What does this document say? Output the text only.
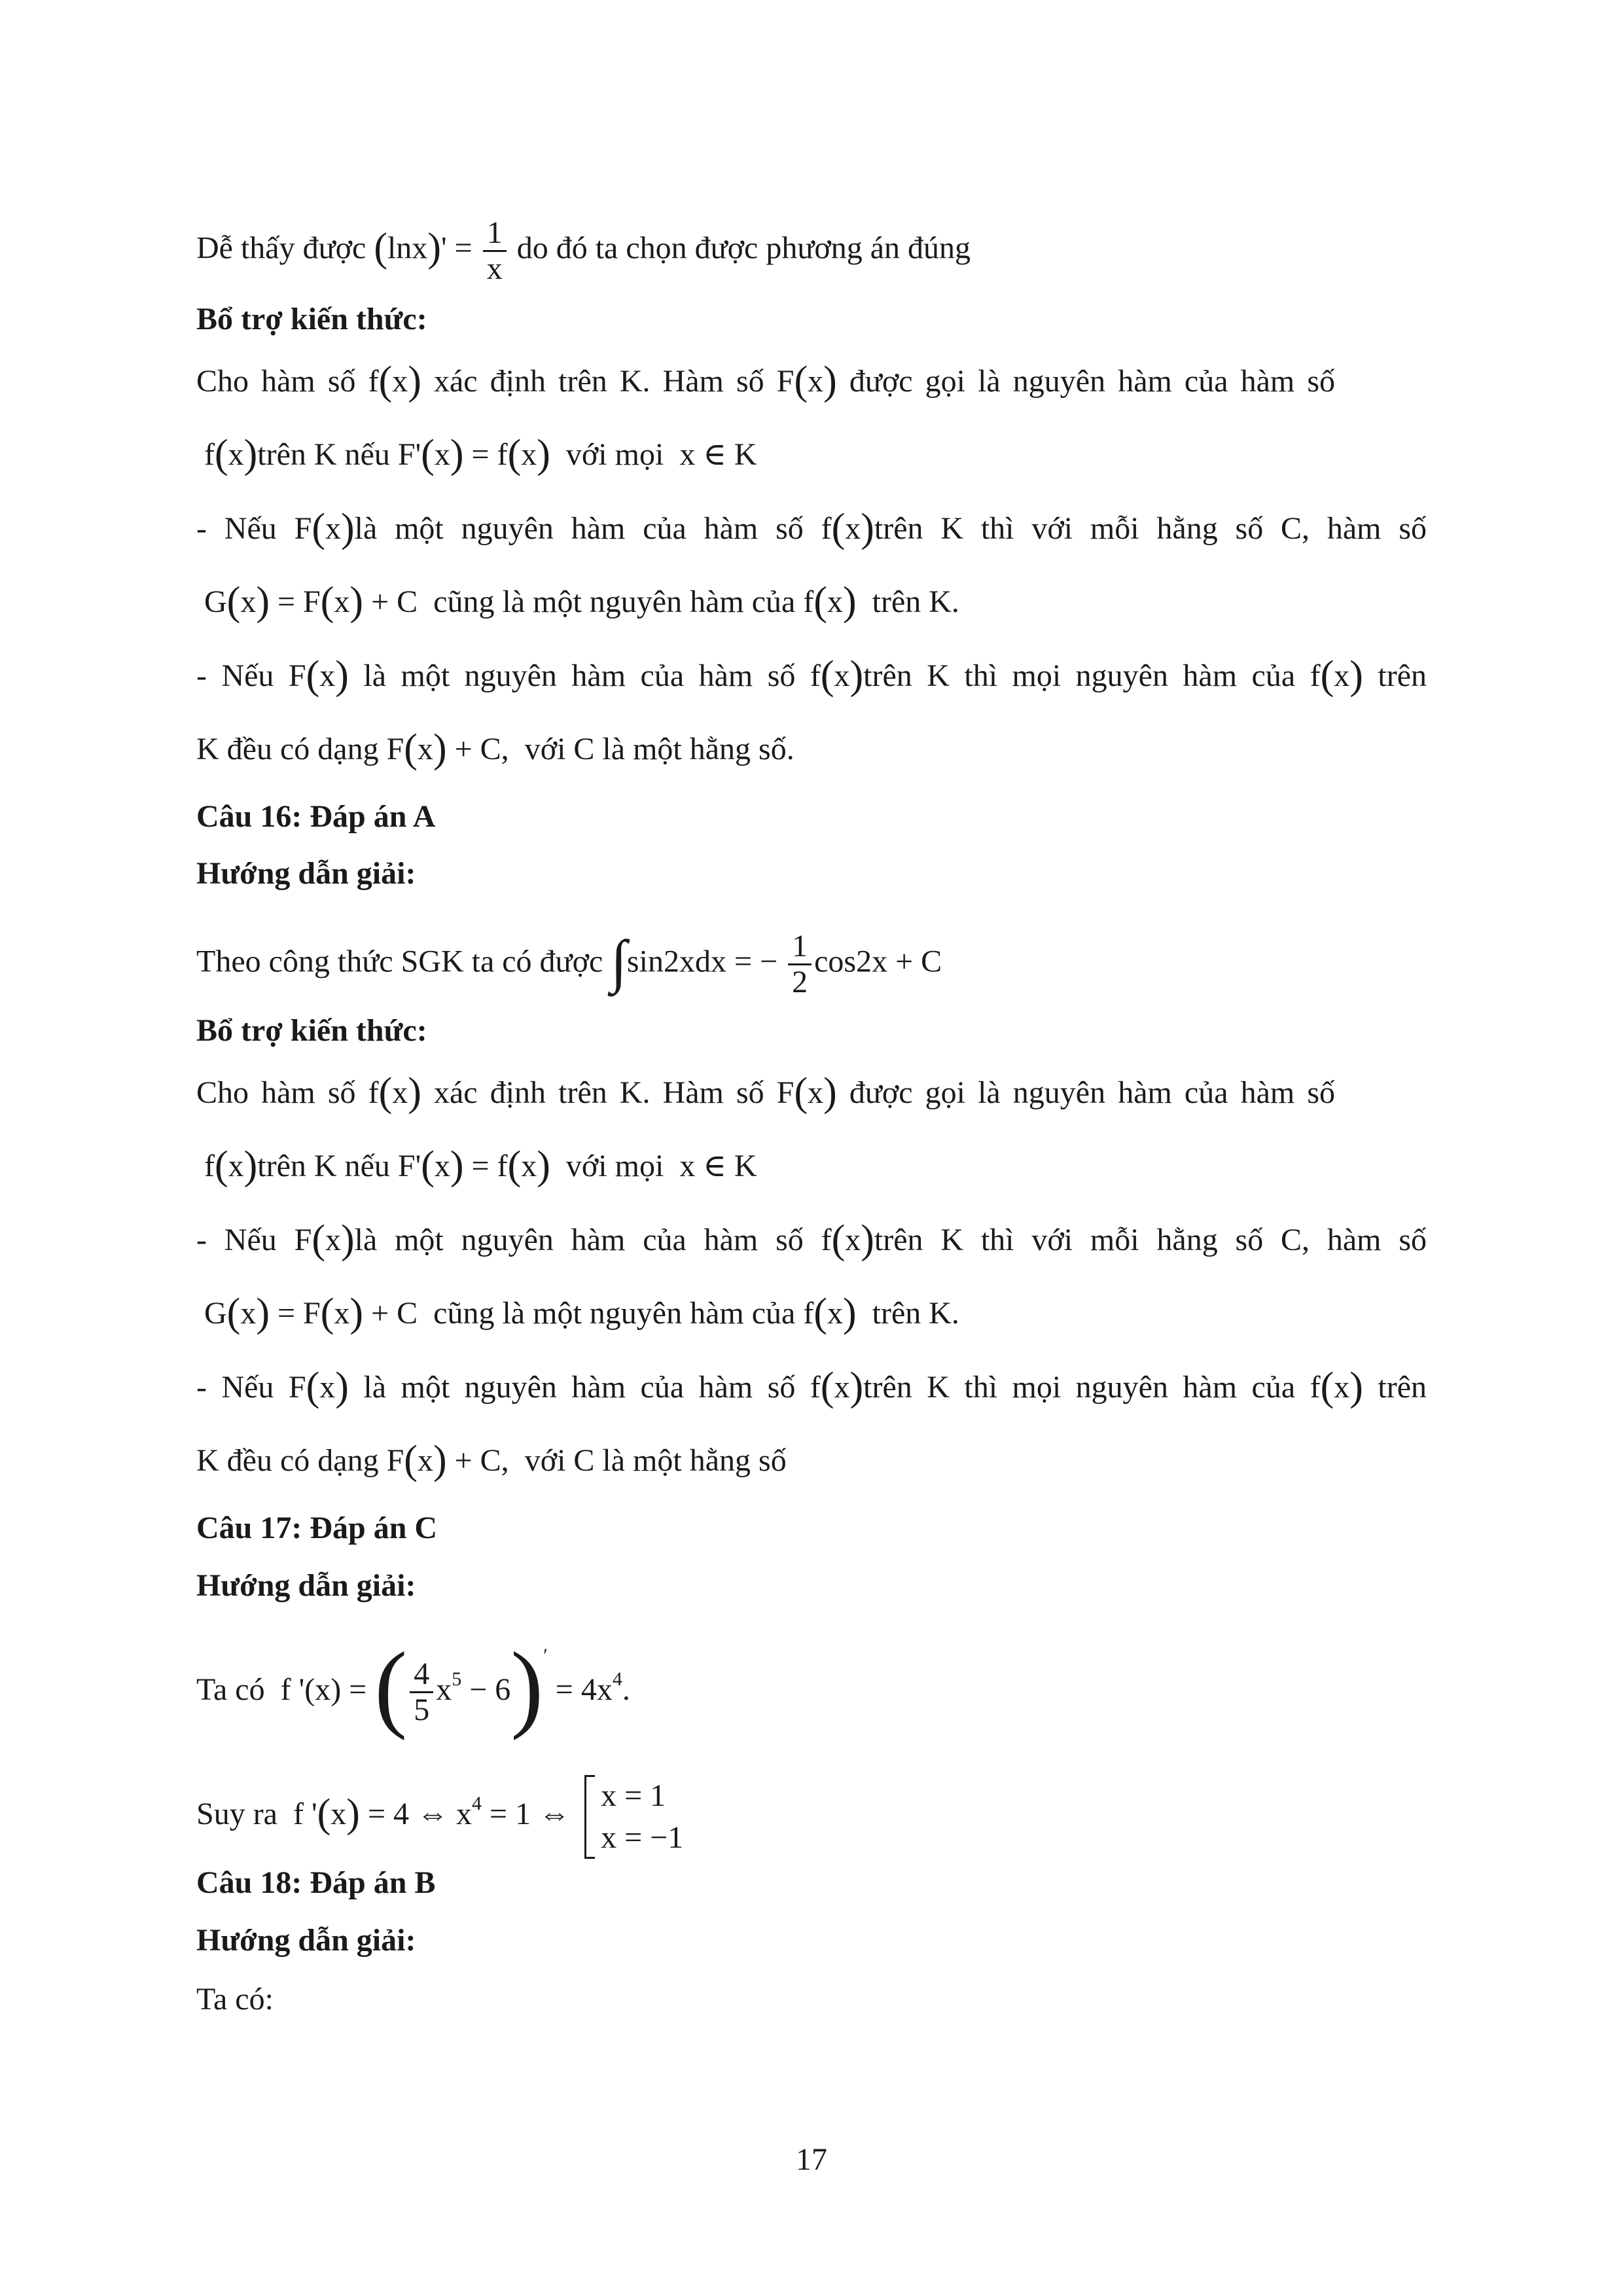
Dễ thấy được $(\ln x)' = \frac{1}{x}$ do đó ta chọn được phương án đúng
Bổ trợ kiến thức:
Cho hàm số f(x) xác định trên K. Hàm số F(x) được gọi là nguyên hàm của hàm số
f(x)trên K nếu F'(x) = f(x) với mọi x ∈ K
- Nếu F(x)là một nguyên hàm của hàm số f(x)trên K thì với mỗi hằng số C, hàm số
G(x) = F(x) + C cũng là một nguyên hàm của f(x) trên K.
- Nếu F(x) là một nguyên hàm của hàm số f(x)trên K thì mọi nguyên hàm của f(x) trên
K đều có dạng F(x) + C, với C là một hằng số.
Câu 16: Đáp án A
Hướng dẫn giải:
Theo công thức SGK ta có được ∫sin2xdx = − $\frac{1}{2} \cos 2x + C$
Bổ trợ kiến thức:
Cho hàm số f(x) xác định trên K. Hàm số F(x) được gọi là nguyên hàm của hàm số
f(x)trên K nếu F'(x) = f(x) với mọi x ∈ K
- Nếu F(x)là một nguyên hàm của hàm số f(x)trên K thì với mỗi hằng số C, hàm số
G(x) = F(x) + C cũng là một nguyên hàm của f(x) trên K.
- Nếu F(x) là một nguyên hàm của hàm số f(x)trên K thì mọi nguyên hàm của f(x) trên
K đều có dạng F(x) + C, với C là một hằng số
Câu 17: Đáp án C
Hướng dẫn giải:
Ta có f '(x) = ( $\frac{4}{5} x^5 - 6)' = 4x^4$.
Suy ra f '(x) = 4 ⇔ $x^4 = 1$ ⇔
x = 1
x = −1
Câu 18: Đáp án B
Hướng dẫn giải:
Ta có:
17
